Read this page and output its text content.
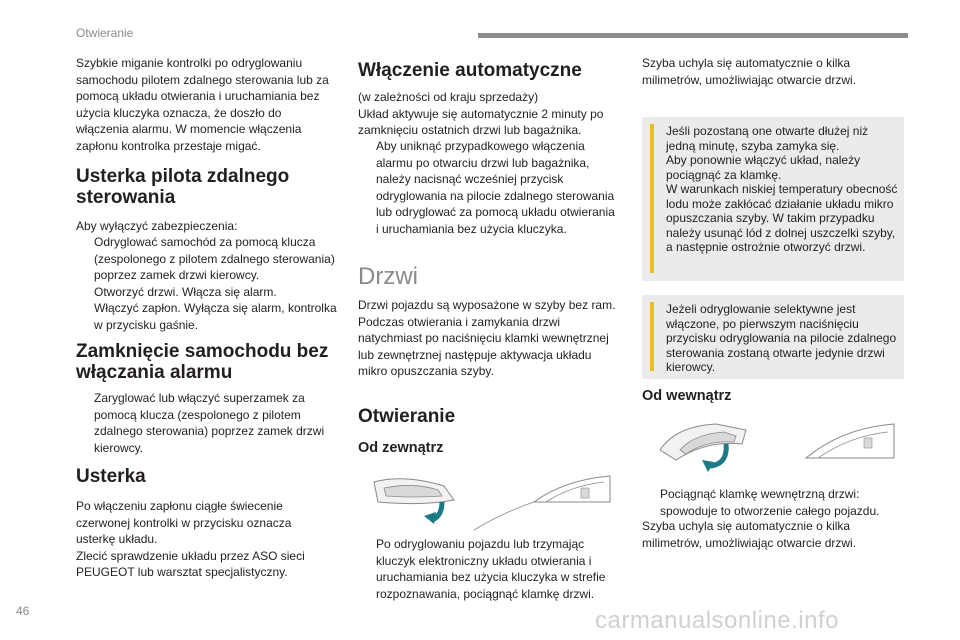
Otwieranie

Szybkie miganie kontrolki po odryglowaniu samochodu pilotem zdalnego sterowania lub za pomocą układu otwierania i uruchamiania bez użycia kluczyka oznacza, że doszło do włączenia alarmu. W momencie włączenia zapłonu kontrolka przestaje migać.

Usterka pilota zdalnego sterowania

Aby wyłączyć zabezpieczenia:

Odryglować samochód za pomocą klucza (zespolonego z pilotem zdalnego sterowania) poprzez zamek drzwi kierowcy.
Otworzyć drzwi. Włącza się alarm.
Włączyć zapłon. Wyłącza się alarm, kontrolka w przycisku gaśnie.
Zamknięcie samochodu bez włączania alarmu
Zaryglować lub włączyć superzamek za pomocą klucza (zespolonego z pilotem zdalnego sterowania) poprzez zamek drzwi kierowcy.
Usterka

Po włączeniu zapłonu ciągłe świecenie czerwonej kontrolki w przycisku oznacza usterkę układu.
Zlecić sprawdzenie układu przez ASO sieci PEUGEOT lub warsztat specjalistyczny.

Włączenie automatyczne

(w zależności od kraju sprzedaży)
Układ aktywuje się automatycznie 2 minuty po zamknięciu ostatnich drzwi lub bagażnika.

Aby uniknąć przypadkowego włączenia alarmu po otwarciu drzwi lub bagażnika, należy nacisnąć wcześniej przycisk odryglowania na pilocie zdalnego sterowania lub odryglować za pomocą układu otwierania i uruchamiania bez użycia kluczyka.
Drzwi

Drzwi pojazdu są wyposażone w szyby bez ram.
Podczas otwierania i zamykania drzwi natychmiast po naciśnięciu klamki wewnętrznej lub zewnętrznej następuje aktywacja układu mikro opuszczania szyby.

Otwieranie
Od zewnątrz
Po odryglowaniu pojazdu lub trzymając kluczyk elektroniczny układu otwierania i uruchamiania bez użycia kluczyka w strefie rozpoznawania, pociągnąć klamkę drzwi.

Szyba uchyla się automatycznie o kilka milimetrów, umożliwiając otwarcie drzwi.

Jeśli pozostaną one otwarte dłużej niż jedną minutę, szyba zamyka się.
Aby ponownie włączyć układ, należy pociągnąć za klamkę.
W warunkach niskiej temperatury obecność lodu może zakłócać działanie układu mikro opuszczania szyby. W takim przypadku należy usunąć lód z dolnej uszczelki szyby, a następnie ostrożnie otworzyć drzwi.
Jeżeli odryglowanie selektywne jest włączone, po pierwszym naciśnięciu przycisku odryglowania na pilocie zdalnego sterowania zostaną otwarte jedynie drzwi kierowcy.
Od wewnątrz
Pociągnąć klamkę wewnętrzną drzwi: spowoduje to otworzenie całego pojazdu.

Szyba uchyla się automatycznie o kilka milimetrów, umożliwiając otwarcie drzwi.

46	carmanualsonline.info
